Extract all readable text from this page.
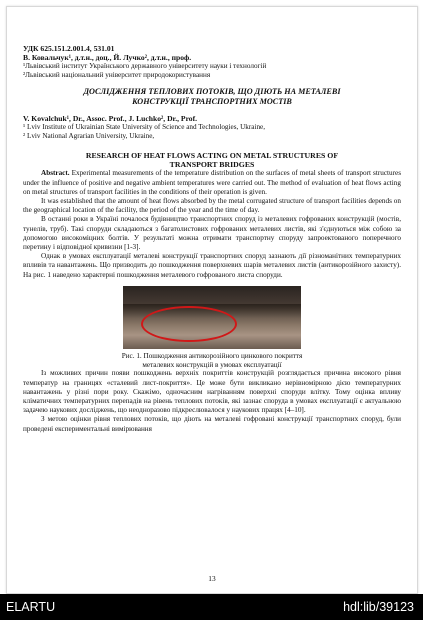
УДК 625.151.2.001.4, 531.01
В. Ковальчук¹, д.т.н., доц., Й. Лучко², д.т.н., проф.
¹Львівський інститут Українського державного університету науки і технологій
²Львівський національний університет природокористування
ДОСЛІДЖЕННЯ ТЕПЛОВИХ ПОТОКІВ, ЩО ДІЮТЬ НА МЕТАЛЕВІ
КОНСТРУКЦІЇ ТРАНСПОРТНИХ МОСТІВ
V. Kovalchuk¹, Dr., Assoc. Prof., J. Luchko², Dr., Prof.
¹ Lviv Institute of Ukrainian State University of Science and Technologies, Ukraine,
² Lviv National Agrarian University, Ukraine,
RESEARCH OF HEAT FLOWS ACTING ON METAL STRUCTURES OF
TRANSPORT BRIDGES

Abstract. Experimental measurements of the temperature distribution on the surfaces of metal sheets of transport structures under the influence of positive and negative ambient temperatures were carried out. The method of evaluation of heat flows acting on metal structures of transport facilities in the conditions of their operation is given.

It was established that the amount of heat flows absorbed by the metal corrugated structure of transport facilities depends on the geographical location of the facility, the period of the year and the time of day.

В останні роки в Україні почалося будівництво транспортних споруд із металевих гофрованих конструкцій (мостів, тунелів, труб). Такі споруди складаються з багатолистових гофрованих металевих листів, які з'єднуються між собою за допомогою високоміцних болтів. У результаті можна отримати транспортну споруду запроектованого поперечного перетину і відповідної кривизни [1-3].

Однак в умовах експлуатації металеві конструкції транспортних споруд зазнають дії різноманітних температурних впливів та навантажень. Що призводить до пошкодження поверхневих шарів металевих листів (антикорозійного захисту). На рис. 1 наведено характерні пошкодження металевого гофрованого листа споруди.

Рис. 1. Пошкодження антикорозійного цинкового покриття
металевих конструкцій в умовах експлуатації

Із можливих причин появи пошкоджень верхніх покриттів конструкцій розглядається причина високого рівня температур на границях «сталевий лист-покриття». Це може бути викликано нерівномірною дією температурних навантажень у різні пори року. Скажімо, одночасним нагріванням поверхні споруди влітку. Тому оцінка впливу кліматичних температурних перепадів на рівень теплових потоків, які зазнає споруда в умовах експлуатації є актуальною задачею наукових досліджень, що неодноразово підкреслювалося у наукових працях [4–10].

З метою оцінки рівня теплових потоків, що діють на металеві гофровані конструкції транспортних споруд, були проведені експериментальні вимірювання

13
ELARTU	hdl:lib/39123
